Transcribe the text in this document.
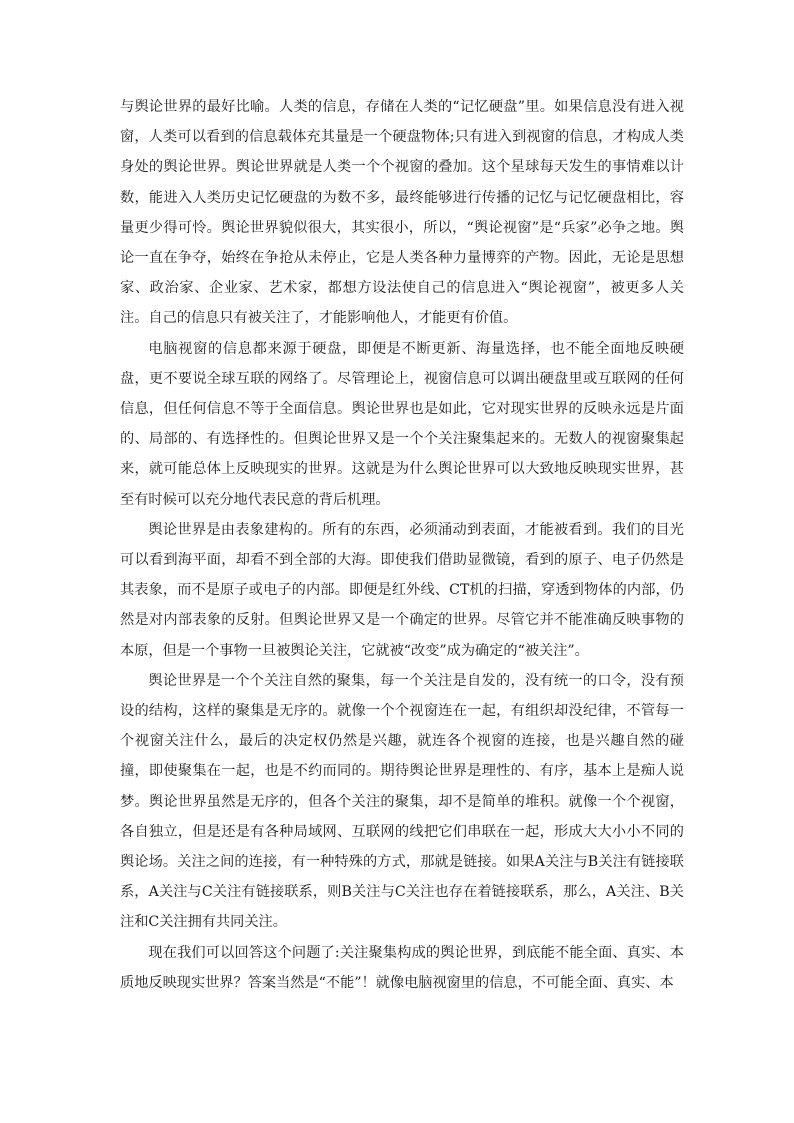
与舆论世界的最好比喻。人类的信息，存储在人类的“记忆硬盘”里。如果信息没有进入视窗，人类可以看到的信息载体充其量是一个硬盘物体;只有进入到视窗的信息，才构成人类身处的舆论世界。舆论世界就是人类一个个视窗的叠加。这个星球每天发生的事情难以计数，能进入人类历史记忆硬盘的为数不多，最终能够进行传播的记忆与记忆硬盘相比，容量更少得可怜。舆论世界貌似很大，其实很小，所以，“舆论视窗”是“兵家”必争之地。舆论一直在争夺，始终在争抢从未停止，它是人类各种力量博弈的产物。因此，无论是思想家、政治家、企业家、艺术家，都想方设法使自己的信息进入“舆论视窗”，被更多人关注。自己的信息只有被关注了，才能影响他人，才能更有价值。

电脑视窗的信息都来源于硬盘，即便是不断更新、海量选择，也不能全面地反映硬盘，更不要说全球互联的网络了。尽管理论上，视窗信息可以调出硬盘里或互联网的任何信息，但任何信息不等于全面信息。舆论世界也是如此，它对现实世界的反映永远是片面的、局部的、有选择性的。但舆论世界又是一个个关注聚集起来的。无数人的视窗聚集起来，就可能总体上反映现实的世界。这就是为什么舆论世界可以大致地反映现实世界，甚至有时候可以充分地代表民意的背后机理。

舆论世界是由表象建构的。所有的东西，必须涌动到表面，才能被看到。我们的目光可以看到海平面，却看不到全部的大海。即使我们借助显微镜，看到的原子、电子仍然是其表象，而不是原子或电子的内部。即便是红外线、CT机的扫描，穿透到物体的内部，仍然是对内部表象的反射。但舆论世界又是一个确定的世界。尽管它并不能准确反映事物的本原，但是一个事物一旦被舆论关注，它就被“改变”成为确定的“被关注”。

舆论世界是一个个关注自然的聚集，每一个关注是自发的，没有统一的口令，没有预设的结构，这样的聚集是无序的。就像一个个视窗连在一起，有组织却没纪律，不管每一个视窗关注什么，最后的决定权仍然是兴趣，就连各个视窗的连接，也是兴趣自然的碰撞，即使聚集在一起，也是不约而同的。期待舆论世界是理性的、有序，基本上是痴人说梦。舆论世界虽然是无序的，但各个关注的聚集，却不是简单的堆积。就像一个个视窗，各自独立，但是还是有各种局域网、互联网的线把它们串联在一起，形成大大小小不同的舆论场。关注之间的连接，有一种特殊的方式，那就是链接。如果A关注与B关注有链接联系，A关注与C关注有链接联系，则B关注与C关注也存在着链接联系，那么，A关注、B关注和C关注拥有共同关注。

现在我们可以回答这个问题了:关注聚集构成的舆论世界，到底能不能全面、真实、本质地反映现实世界？答案当然是“不能”！就像电脑视窗里的信息，不可能全面、真实、本
